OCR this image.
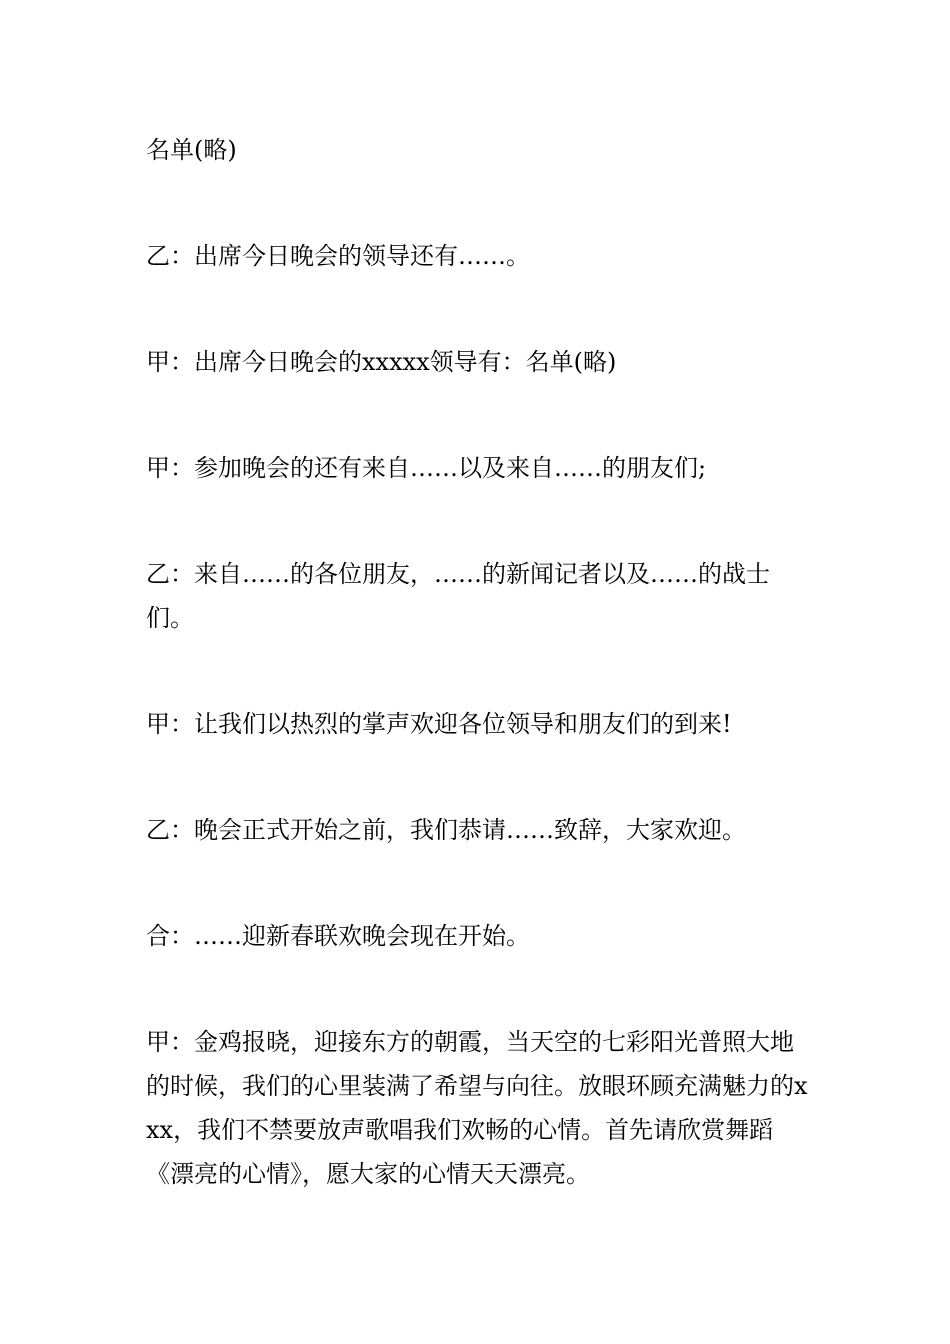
名单(略)

乙：出席今日晚会的领导还有……。

甲：出席今日晚会的xxxxx领导有：名单(略)

甲：参加晚会的还有来自……以及来自……的朋友们;

乙：来自……的各位朋友，……的新闻记者以及……的战士们。

甲：让我们以热烈的掌声欢迎各位领导和朋友们的到来!

乙：晚会正式开始之前，我们恭请……致辞，大家欢迎。

合：……迎新春联欢晚会现在开始。

甲：金鸡报晓，迎接东方的朝霞，当天空的七彩阳光普照大地的时候，我们的心里装满了希望与向往。放眼环顾充满魅力的xxx，我们不禁要放声歌唱我们欢畅的心情。首先请欣赏舞蹈《漂亮的心情》，愿大家的心情天天漂亮。
